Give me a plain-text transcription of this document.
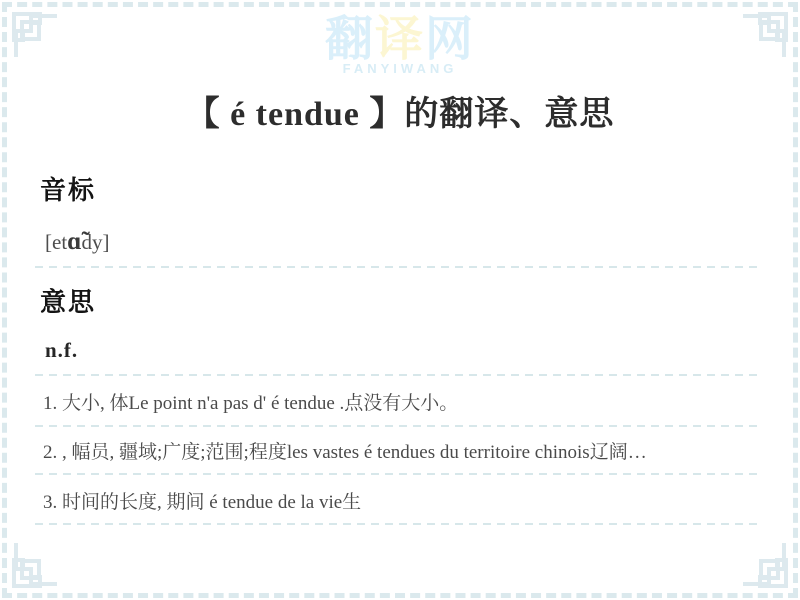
翻译网
FANYIWANG
【 é tendue 】的翻译、意思
音标
[etɑ̃dy]
意思
n.f.
1. 大小, 体Le point n'a pas d' é tendue .点没有大小。
2. , 幅员, 疆域;广度;范围;程度les vastes é tendues du territoire chinois辽阔…
3. 时间的长度, 期间 é tendue de la vie生
